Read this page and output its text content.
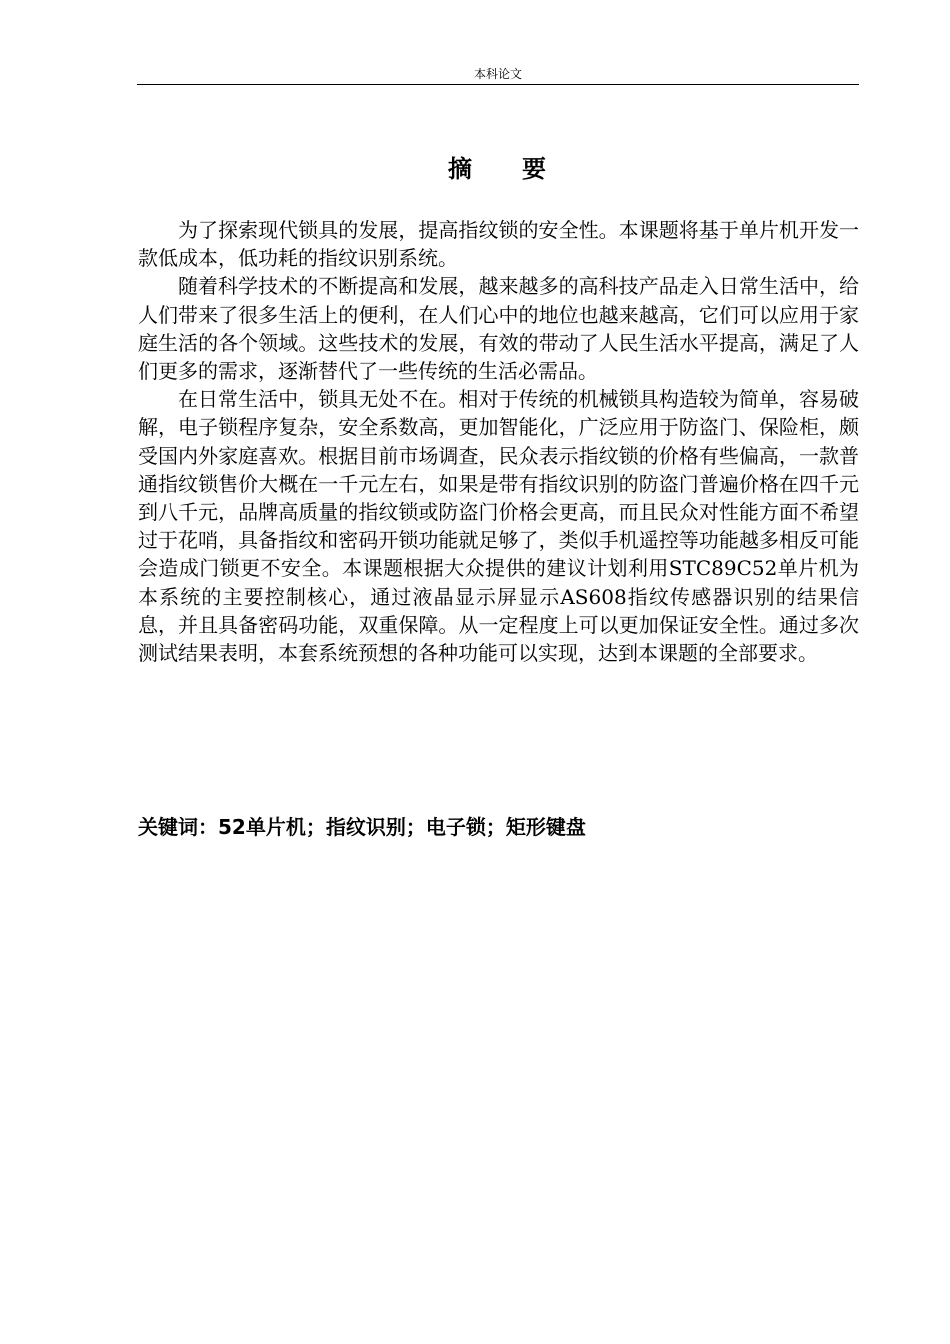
本科论文
摘 要

为了探索现代锁具的发展，提高指纹锁的安全性。本课题将基于单片机开发一款低成本，低功耗的指纹识别系统。

随着科学技术的不断提高和发展，越来越多的高科技产品走入日常生活中，给人们带来了很多生活上的便利，在人们心中的地位也越来越高，它们可以应用于家庭生活的各个领域。这些技术的发展，有效的带动了人民生活水平提高，满足了人们更多的需求，逐渐替代了一些传统的生活必需品。

在日常生活中，锁具无处不在。相对于传统的机械锁具构造较为简单，容易破解，电子锁程序复杂，安全系数高，更加智能化，广泛应用于防盗门、保险柜，颇受国内外家庭喜欢。根据目前市场调查，民众表示指纹锁的价格有些偏高，一款普通指纹锁售价大概在一千元左右，如果是带有指纹识别的防盗门普遍价格在四千元到八千元，品牌高质量的指纹锁或防盗门价格会更高，而且民众对性能方面不希望过于花哨，具备指纹和密码开锁功能就足够了，类似手机遥控等功能越多相反可能会造成门锁更不安全。本课题根据大众提供的建议计划利用STC89C52单片机为本系统的主要控制核心，通过液晶显示屏显示AS608指纹传感器识别的结果信息，并且具备密码功能，双重保障。从一定程度上可以更加保证安全性。通过多次测试结果表明，本套系统预想的各种功能可以实现，达到本课题的全部要求。

关键词：52单片机；指纹识别；电子锁；矩形键盘
